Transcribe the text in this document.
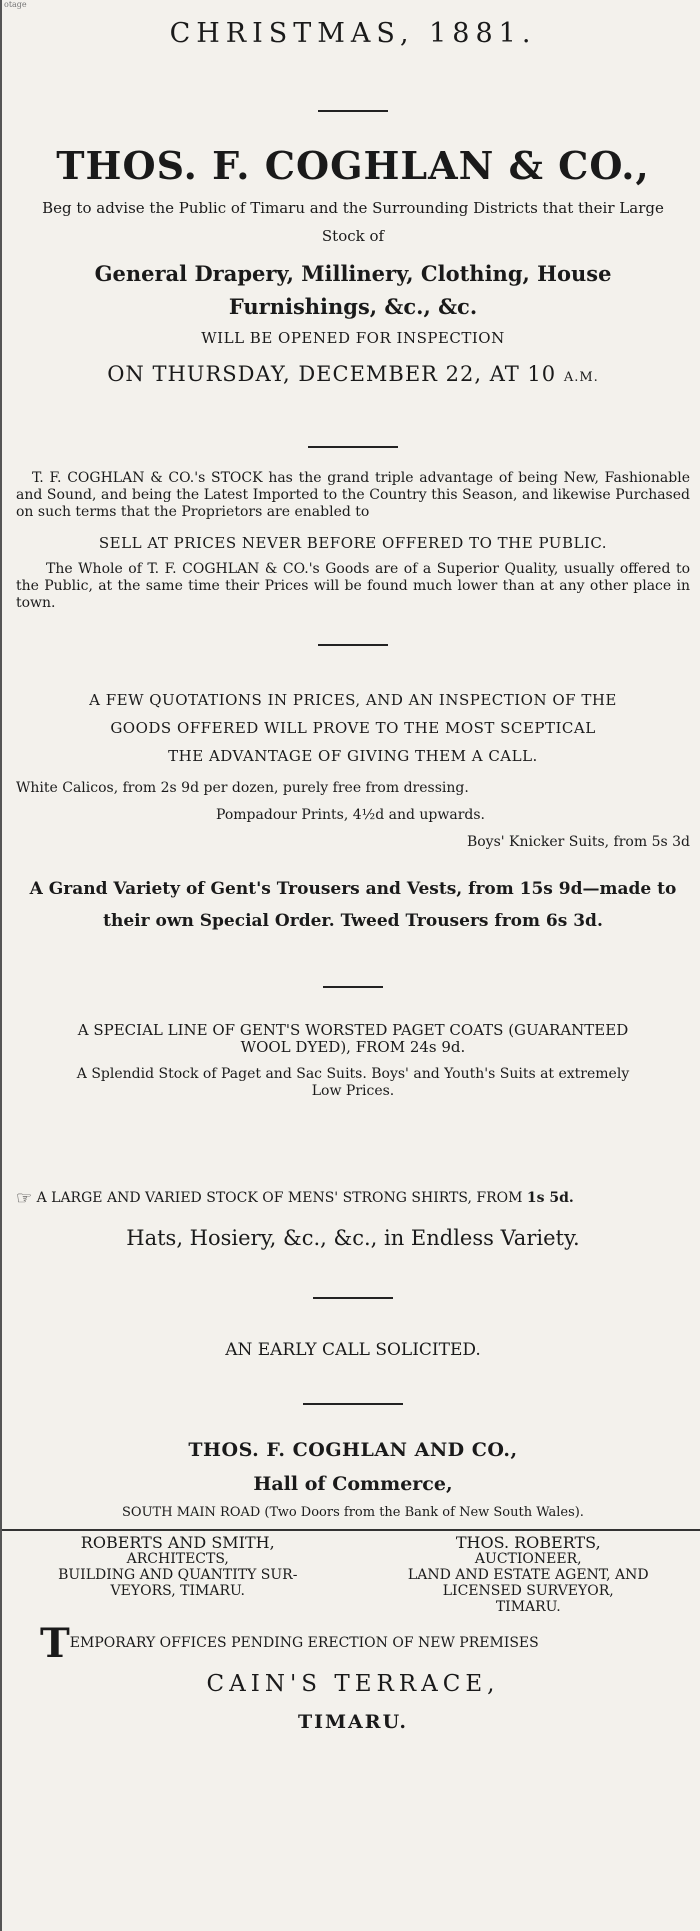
otage
CHRISTMAS, 1881.
THOS. F. COGHLAN & CO.,
Beg to advise the Public of Timaru and the Surrounding Districts that their Large Stock of
General Drapery, Millinery, Clothing, House
Furnishings, &c., &c.
WILL BE OPENED FOR INSPECTION
ON THURSDAY, DECEMBER 22, AT 10 A.M.
T. F. COGHLAN & CO.'s STOCK has the grand triple advantage of being New, Fashionable and Sound, and being the Latest Imported to the Country this Season, and likewise Purchased on such terms that the Proprietors are enabled to
SELL AT PRICES NEVER BEFORE OFFERED TO THE PUBLIC.
The Whole of T. F. COGHLAN & CO.'s Goods are of a Superior Quality, usually offered to the Public, at the same time their Prices will be found much lower than at any other place in town.
A FEW QUOTATIONS IN PRICES, AND AN INSPECTION OF THE
GOODS OFFERED WILL PROVE TO THE MOST SCEPTICAL
THE ADVANTAGE OF GIVING THEM A CALL.
White Calicos, from 2s 9d per dozen, purely free from dressing.
Pompadour Prints, 4½d and upwards.
Boys' Knicker Suits, from 5s 3d
A Grand Variety of Gent's Trousers and Vests, from 15s 9d—made to
their own Special Order. Tweed Trousers from 6s 3d.
A SPECIAL LINE OF GENT'S WORSTED PAGET COATS (GUARANTEED
WOOL DYED), FROM 24s 9d.
A Splendid Stock of Paget and Sac Suits. Boys' and Youth's Suits at extremely
Low Prices.
☞ A LARGE AND VARIED STOCK OF MENS' STRONG SHIRTS, FROM 1s 5d.
Hats, Hosiery, &c., &c., in Endless Variety.
AN EARLY CALL SOLICITED.
THOS. F. COGHLAN AND CO.,
Hall of Commerce,
SOUTH MAIN ROAD (Two Doors from the Bank of New South Wales).
ROBERTS AND SMITH,
ARCHITECTS,
BUILDING AND QUANTITY SUR-
VEYORS, TIMARU.
THOS. ROBERTS,
AUCTIONEER,
LAND AND ESTATE AGENT, AND
LICENSED SURVEYOR,
TIMARU.
TEMPORARY OFFICES PENDING ERECTION OF NEW PREMISES
CAIN'S TERRACE,
TIMARU.
